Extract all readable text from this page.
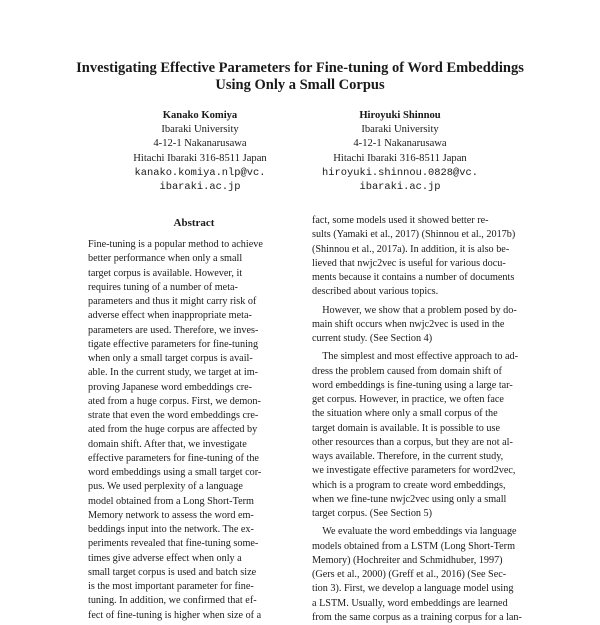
Investigating Effective Parameters for Fine-tuning of Word Embeddings
Using Only a Small Corpus
Kanako Komiya
Ibaraki University
4-12-1 Nakanarusawa
Hitachi Ibaraki 316-8511 Japan
kanako.komiya.nlp@vc.
ibaraki.ac.jp
Hiroyuki Shinnou
Ibaraki University
4-12-1 Nakanarusawa
Hitachi Ibaraki 316-8511 Japan
hiroyuki.shinnou.0828@vc.
ibaraki.ac.jp
Abstract
Fine-tuning is a popular method to achieve
better performance when only a small
target corpus is available. However, it
requires tuning of a number of meta-
parameters and thus it might carry risk of
adverse effect when inappropriate meta-
parameters are used. Therefore, we inves-
tigate effective parameters for fine-tuning
when only a small target corpus is avail-
able. In the current study, we target at im-
proving Japanese word embeddings cre-
ated from a huge corpus. First, we demon-
strate that even the word embeddings cre-
ated from the huge corpus are affected by
domain shift. After that, we investigate
effective parameters for fine-tuning of the
word embeddings using a small target cor-
pus. We used perplexity of a language
model obtained from a Long Short-Term
Memory network to assess the word em-
beddings input into the network. The ex-
periments revealed that fine-tuning some-
times give adverse effect when only a
small target corpus is used and batch size
is the most important parameter for fine-
tuning. In addition, we confirmed that ef-
fect of fine-tuning is higher when size of a
fact, some models used it showed better re-
sults (Yamaki et al., 2017) (Shinnou et al., 2017b)
(Shinnou et al., 2017a). In addition, it is also be-
lieved that nwjc2vec is useful for various docu-
ments because it contains a number of documents
described about various topics.
 However, we show that a problem posed by do-
main shift occurs when nwjc2vec is used in the
current study. (See Section 4)
 The simplest and most effective approach to ad-
dress the problem caused from domain shift of
word embeddings is fine-tuning using a large tar-
get corpus. However, in practice, we often face
the situation where only a small corpus of the
target domain is available. It is possible to use
other resources than a corpus, but they are not al-
ways available. Therefore, in the current study,
we investigate effective parameters for word2vec,
which is a program to create word embeddings,
when we fine-tune nwjc2vec using only a small
target corpus. (See Section 5)
 We evaluate the word embeddings via language
models obtained from a LSTM (Long Short-Term
Memory) (Hochreiter and Schmidhuber, 1997)
(Gers et al., 2000) (Greff et al., 2016) (See Sec-
tion 3). First, we develop a language model using
a LSTM. Usually, word embeddings are learned
from the same corpus as a training corpus for a lan-
